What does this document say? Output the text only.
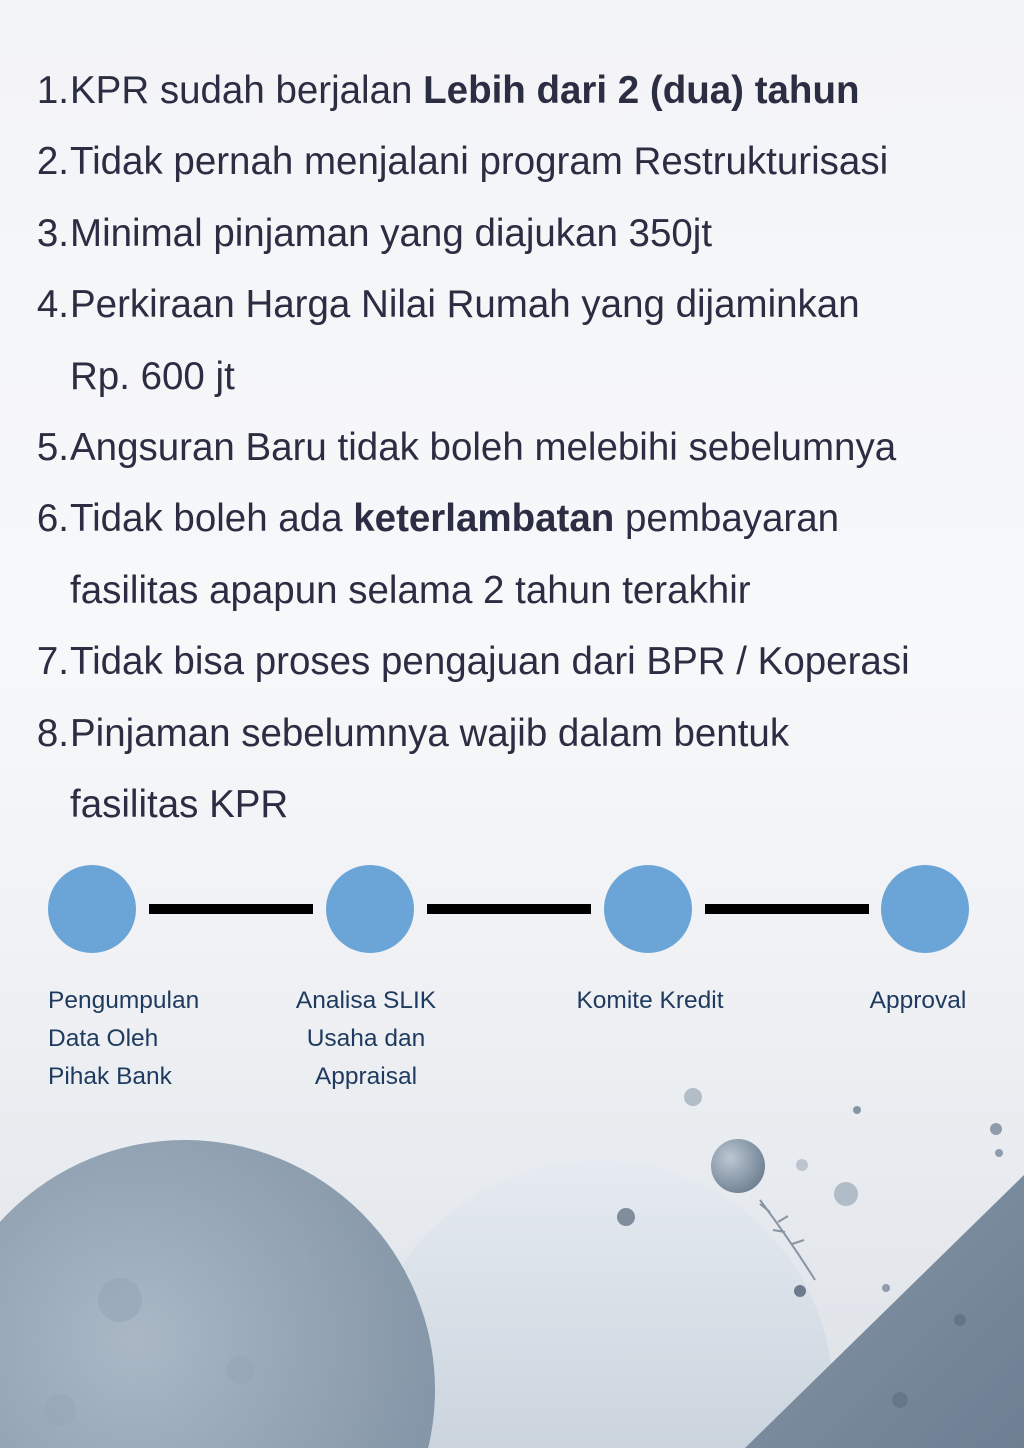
1. KPR sudah berjalan Lebih dari 2 (dua) tahun
2. Tidak pernah menjalani program Restrukturisasi
3. Minimal pinjaman yang diajukan 350jt
4. Perkiraan Harga Nilai Rumah yang dijaminkan
Rp. 600 jt
5. Angsuran Baru tidak boleh melebihi sebelumnya
6. Tidak boleh ada keterlambatan pembayaran
fasilitas apapun selama 2 tahun terakhir
7. Tidak bisa proses pengajuan dari BPR / Koperasi
8. Pinjaman sebelumnya wajib dalam bentuk
fasilitas KPR
Pengumpulan
Data Oleh
Pihak Bank
Analisa SLIK
Usaha dan
Appraisal
Komite Kredit	Approval
